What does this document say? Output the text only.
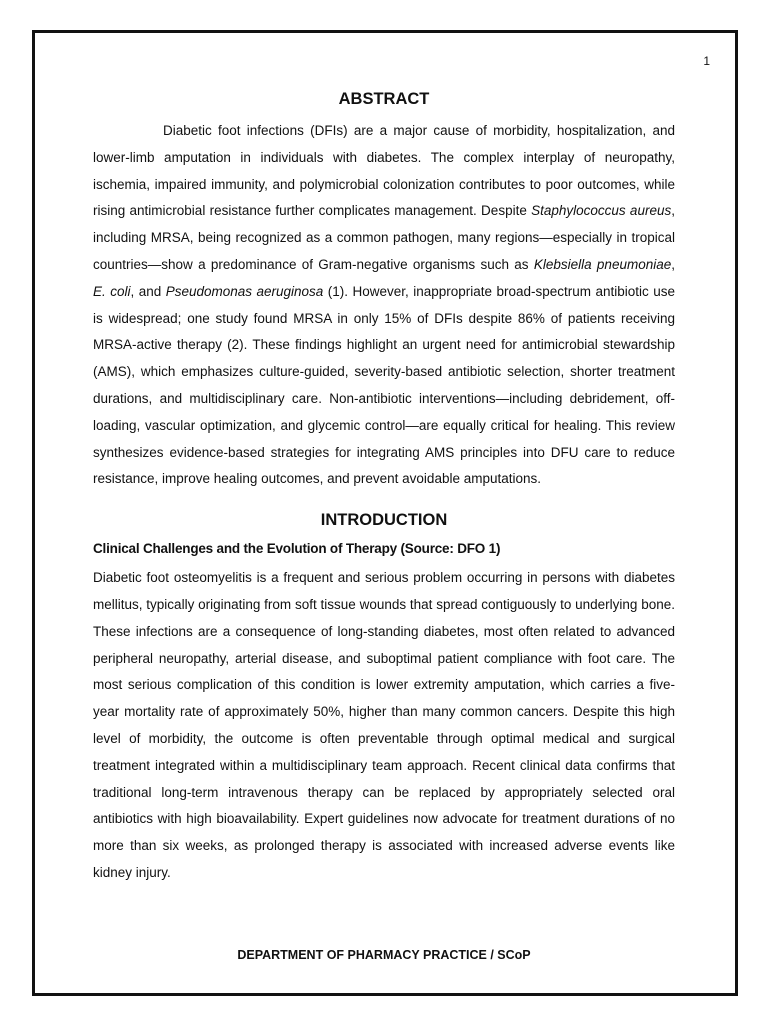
1
ABSTRACT

Diabetic foot infections (DFIs) are a major cause of morbidity, hospitalization, and lower-limb amputation in individuals with diabetes. The complex interplay of neuropathy, ischemia, impaired immunity, and polymicrobial colonization contributes to poor outcomes, while rising antimicrobial resistance further complicates management. Despite Staphylococcus aureus, including MRSA, being recognized as a common pathogen, many regions—especially in tropical countries—show a predominance of Gram-negative organisms such as Klebsiella pneumoniae, E. coli, and Pseudomonas aeruginosa (1). However, inappropriate broad-spectrum antibiotic use is widespread; one study found MRSA in only 15% of DFIs despite 86% of patients receiving MRSA-active therapy (2). These findings highlight an urgent need for antimicrobial stewardship (AMS), which emphasizes culture-guided, severity-based antibiotic selection, shorter treatment durations, and multidisciplinary care. Non-antibiotic interventions—including debridement, off-loading, vascular optimization, and glycemic control—are equally critical for healing. This review synthesizes evidence-based strategies for integrating AMS principles into DFU care to reduce resistance, improve healing outcomes, and prevent avoidable amputations.

INTRODUCTION
Clinical Challenges and the Evolution of Therapy (Source: DFO 1)

Diabetic foot osteomyelitis is a frequent and serious problem occurring in persons with diabetes mellitus, typically originating from soft tissue wounds that spread contiguously to underlying bone. These infections are a consequence of long-standing diabetes, most often related to advanced peripheral neuropathy, arterial disease, and suboptimal patient compliance with foot care. The most serious complication of this condition is lower extremity amputation, which carries a five-year mortality rate of approximately 50%, higher than many common cancers. Despite this high level of morbidity, the outcome is often preventable through optimal medical and surgical treatment integrated within a multidisciplinary team approach. Recent clinical data confirms that traditional long-term intravenous therapy can be replaced by appropriately selected oral antibiotics with high bioavailability. Expert guidelines now advocate for treatment durations of no more than six weeks, as prolonged therapy is associated with increased adverse events like kidney injury.

DEPARTMENT OF PHARMACY PRACTICE / SCoP
